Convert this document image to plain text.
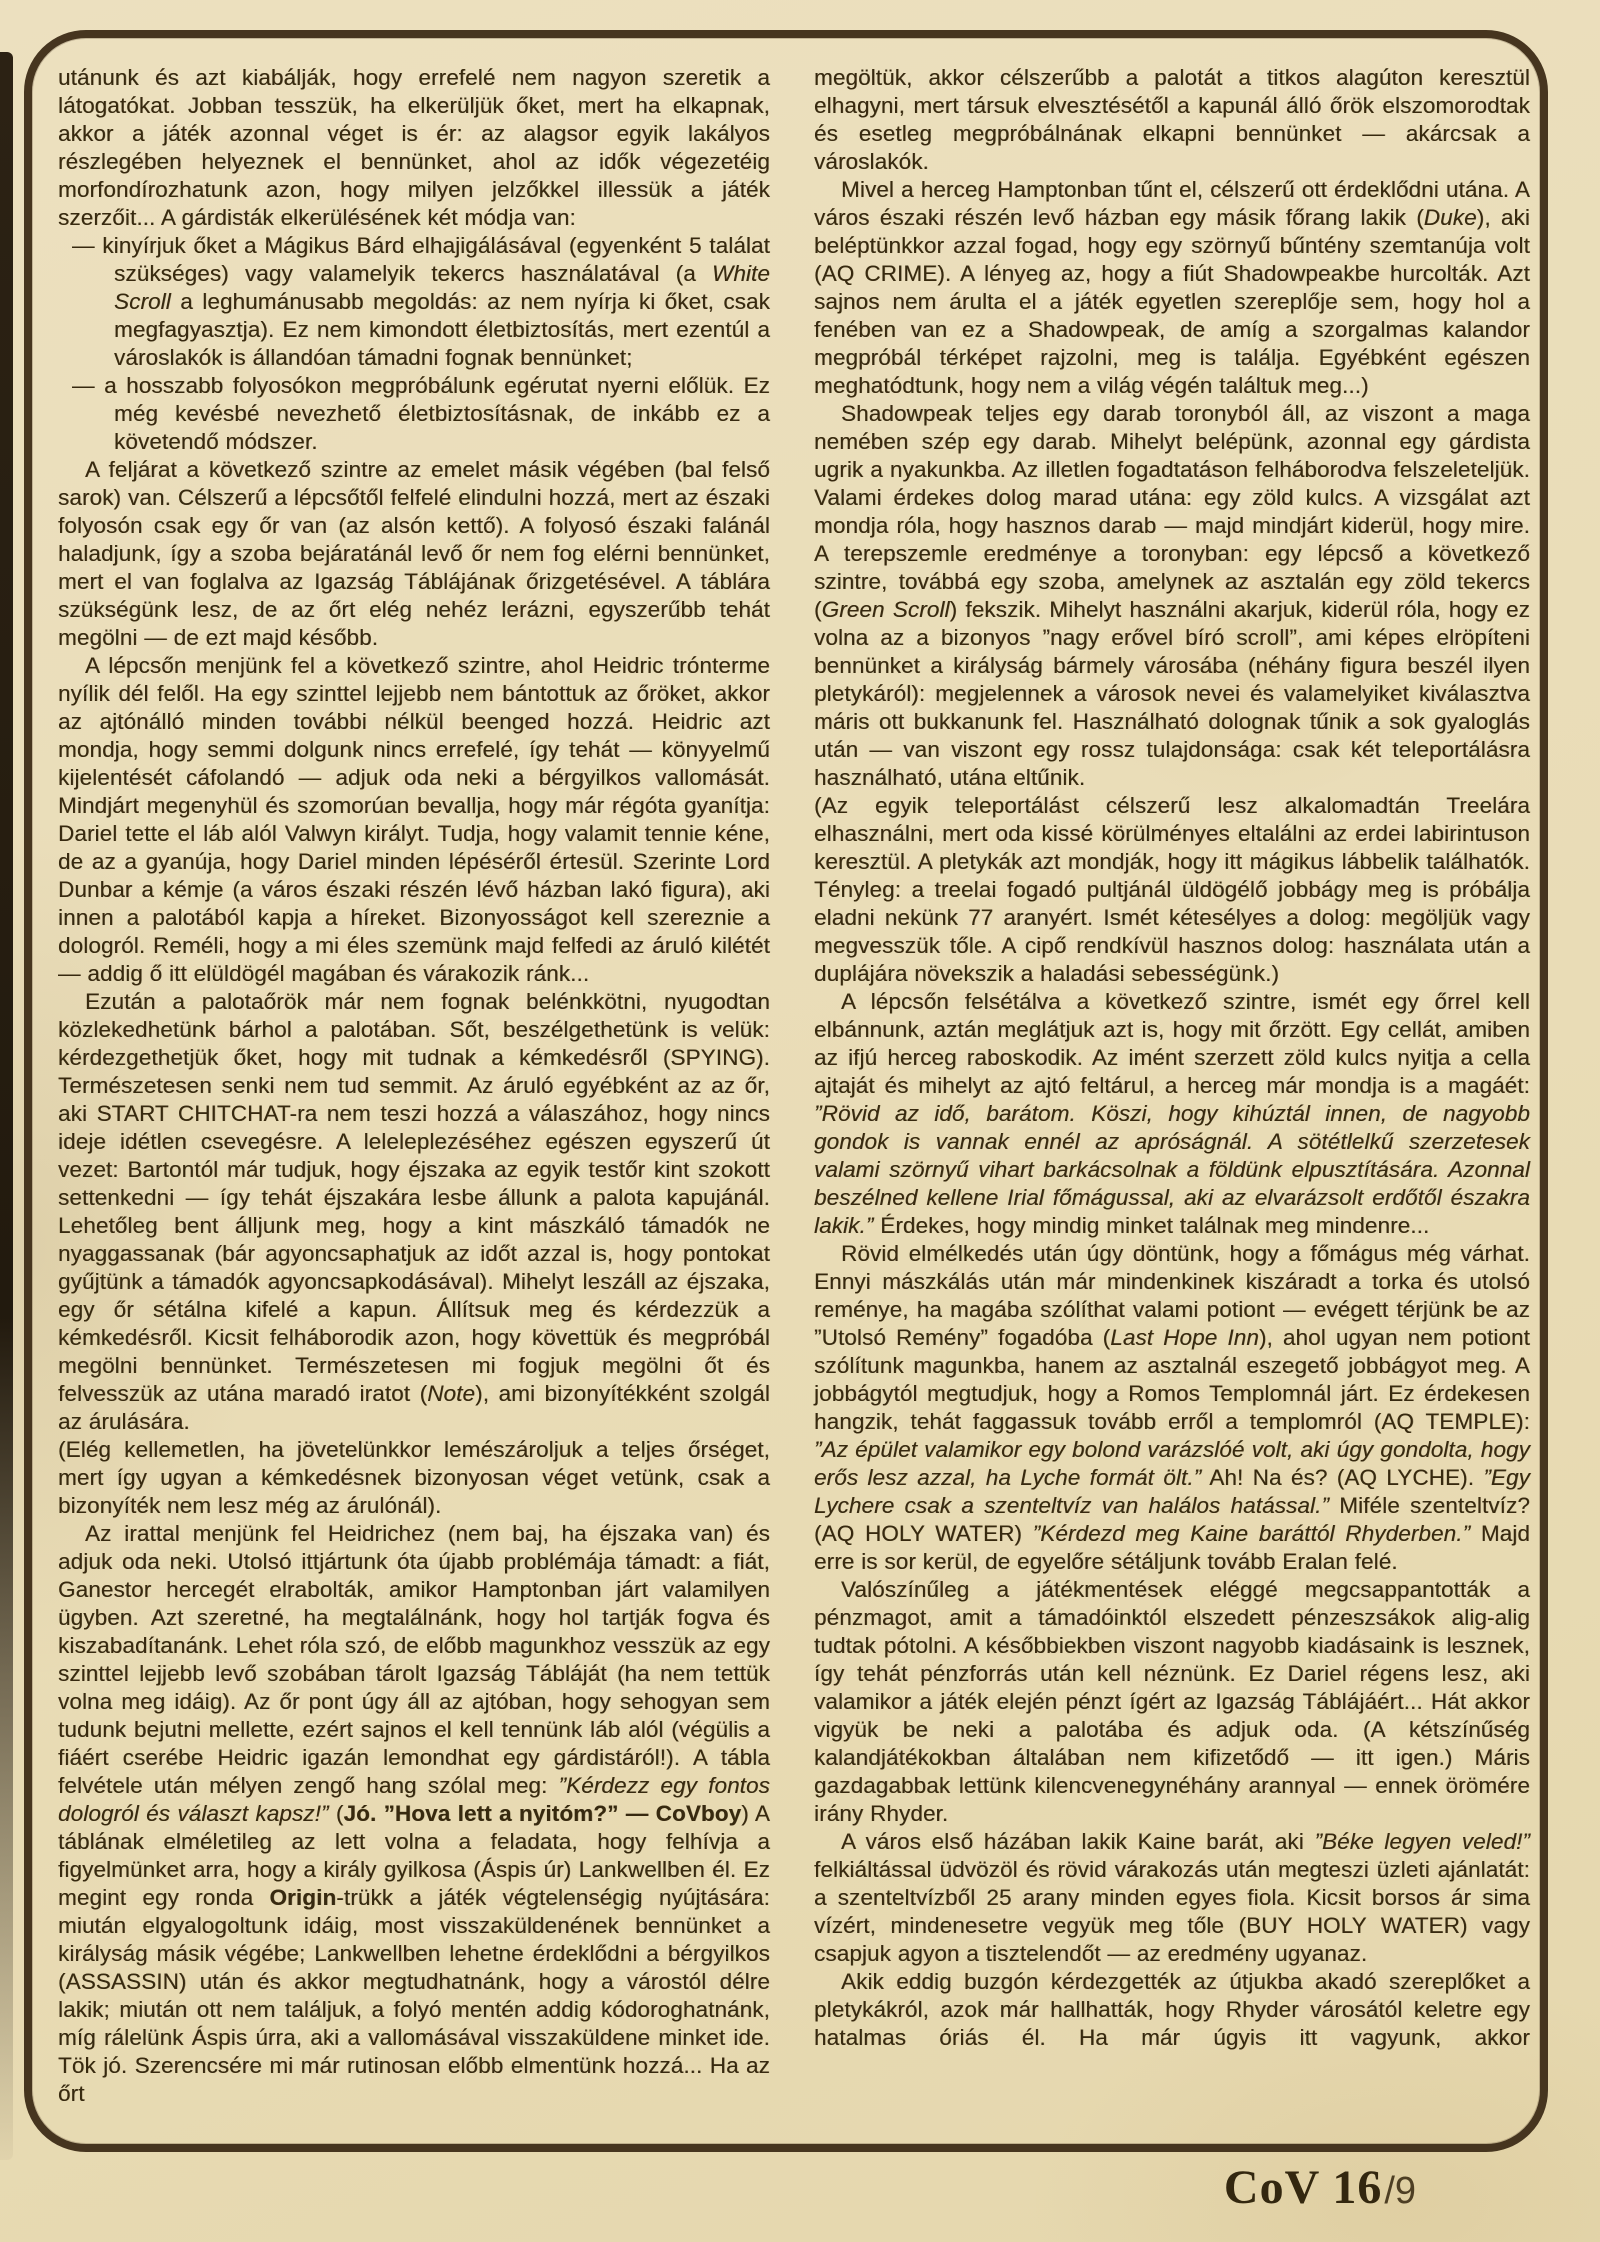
utánunk és azt kiabálják, hogy errefelé nem nagyon szeretik a látogatókat. Jobban tesszük, ha elkerüljük őket, mert ha elkapnak, akkor a játék azonnal véget is ér: az alagsor egyik lakályos részlegében helyeznek el bennünket, ahol az idők végezetéig morfondírozhatunk azon, hogy milyen jelzőkkel illessük a játék szerzőit... A gárdisták elkerülésének két módja van:

— kinyírjuk őket a Mágikus Bárd elhajigálásával (egyenként 5 találat szükséges) vagy valamelyik tekercs használatával (a White Scroll a leghumánusabb megoldás: az nem nyírja ki őket, csak megfagyasztja). Ez nem kimondott életbiztosítás, mert ezentúl a városlakók is állandóan támadni fognak bennünket;

— a hosszabb folyosókon megpróbálunk egérutat nyerni előlük. Ez még kevésbé nevezhető életbiztosításnak, de inkább ez a követendő módszer.

A feljárat a következő szintre az emelet másik végében (bal felső sarok) van. Célszerű a lépcsőtől felfelé elindulni hozzá, mert az északi folyosón csak egy őr van (az alsón kettő). A folyosó északi falánál haladjunk, így a szoba bejáratánál levő őr nem fog elérni bennünket, mert el van foglalva az Igazság Táblájának őrizgetésével. A táblára szükségünk lesz, de az őrt elég nehéz lerázni, egyszerűbb tehát megölni — de ezt majd később.

A lépcsőn menjünk fel a következő szintre, ahol Heidric trónterme nyílik dél felől. Ha egy szinttel lejjebb nem bántottuk az őröket, akkor az ajtónálló minden további nélkül beenged hozzá. Heidric azt mondja, hogy semmi dolgunk nincs errefelé, így tehát — könyyelmű kijelentését cáfolandó — adjuk oda neki a bérgyilkos vallomását. Mindjárt megenyhül és szomorúan bevallja, hogy már régóta gyanítja: Dariel tette el láb alól Valwyn királyt. Tudja, hogy valamit tennie kéne, de az a gyanúja, hogy Dariel minden lépéséről értesül. Szerinte Lord Dunbar a kémje (a város északi részén lévő házban lakó figura), aki innen a palotából kapja a híreket. Bizonyosságot kell szereznie a dologról. Reméli, hogy a mi éles szemünk majd felfedi az áruló kilétét — addig ő itt elüldögél magában és várakozik ránk...

Ezután a palotaőrök már nem fognak belénkkötni, nyugodtan közlekedhetünk bárhol a palotában. Sőt, beszélgethetünk is velük: kérdezgethetjük őket, hogy mit tudnak a kémkedésről (SPYING). Természetesen senki nem tud semmit. Az áruló egyébként az az őr, aki START CHITCHAT-ra nem teszi hozzá a válaszához, hogy nincs ideje idétlen csevegésre. A leleleplezéséhez egészen egyszerű út vezet: Bartontól már tudjuk, hogy éjszaka az egyik testőr kint szokott settenkedni — így tehát éjszakára lesbe állunk a palota kapujánál. Lehetőleg bent álljunk meg, hogy a kint mászkáló támadók ne nyaggassanak (bár agyoncsaphatjuk az időt azzal is, hogy pontokat gyűjtünk a támadók agyoncsapkodásával). Mihelyt leszáll az éjszaka, egy őr sétálna kifelé a kapun. Állítsuk meg és kérdezzük a kémkedésről. Kicsit felháborodik azon, hogy követtük és megpróbál megölni bennünket. Természetesen mi fogjuk megölni őt és felvesszük az utána maradó iratot (Note), ami bizonyítékként szolgál az árulására.

(Elég kellemetlen, ha jövetelünkkor lemészároljuk a teljes őrséget, mert így ugyan a kémkedésnek bizonyosan véget vetünk, csak a bizonyíték nem lesz még az árulónál).

Az irattal menjünk fel Heidrichez (nem baj, ha éjszaka van) és adjuk oda neki. Utolsó ittjártunk óta újabb problémája támadt: a fiát, Ganestor hercegét elrabolták, amikor Hamptonban járt valamilyen ügyben. Azt szeretné, ha megtalálnánk, hogy hol tartják fogva és kiszabadítanánk. Lehet róla szó, de előbb magunkhoz vesszük az egy szinttel lejjebb levő szobában tárolt Igazság Tábláját (ha nem tettük volna meg idáig). Az őr pont úgy áll az ajtóban, hogy sehogyan sem tudunk bejutni mellette, ezért sajnos el kell tennünk láb alól (végülis a fiáért cserébe Heidric igazán lemondhat egy gárdistáról!). A tábla felvétele után mélyen zengő hang szólal meg: ”Kérdezz egy fontos dologról és választ kapsz!” (Jó. ”Hova lett a nyitóm?” — CoVboy) A táblának elméletileg az lett volna a feladata, hogy felhívja a figyelmünket arra, hogy a király gyilkosa (Áspis úr) Lankwellben él. Ez megint egy ronda Origin-trükk a játék végtelenségig nyújtására: miután elgyalogoltunk idáig, most visszaküldenének bennünket a királyság másik végébe; Lankwellben lehetne érdeklődni a bérgyilkos (ASSASSIN) után és akkor megtudhatnánk, hogy a várostól délre lakik; miután ott nem találjuk, a folyó mentén addig kódoroghatnánk, míg rálelünk Áspis úrra, aki a vallomásával visszaküldene minket ide. Tök jó. Szerencsére mi már rutinosan előbb elmentünk hozzá... Ha az őrt

megöltük, akkor célszerűbb a palotát a titkos alagúton keresztül elhagyni, mert társuk elvesztésétől a kapunál álló őrök elszomorodtak és esetleg megpróbálnának elkapni bennünket — akárcsak a városlakók.

Mivel a herceg Hamptonban tűnt el, célszerű ott érdeklődni utána. A város északi részén levő házban egy másik főrang lakik (Duke), aki beléptünkkor azzal fogad, hogy egy szörnyű bűntény szemtanúja volt (AQ CRIME). A lényeg az, hogy a fiút Shadowpeakbe hurcolták. Azt sajnos nem árulta el a játék egyetlen szereplője sem, hogy hol a fenében van ez a Shadowpeak, de amíg a szorgalmas kalandor megpróbál térképet rajzolni, meg is találja. Egyébként egészen meghatódtunk, hogy nem a világ végén találtuk meg...)

Shadowpeak teljes egy darab toronyból áll, az viszont a maga nemében szép egy darab. Mihelyt belépünk, azonnal egy gárdista ugrik a nyakunkba. Az illetlen fogadtatáson felháborodva felszeleteljük. Valami érdekes dolog marad utána: egy zöld kulcs. A vizsgálat azt mondja róla, hogy hasznos darab — majd mindjárt kiderül, hogy mire. A terepszemle eredménye a toronyban: egy lépcső a következő szintre, továbbá egy szoba, amelynek az asztalán egy zöld tekercs (Green Scroll) fekszik. Mihelyt használni akarjuk, kiderül róla, hogy ez volna az a bizonyos ”nagy erővel bíró scroll”, ami képes elröpíteni bennünket a királyság bármely városába (néhány figura beszél ilyen pletykáról): megjelennek a városok nevei és valamelyiket kiválasztva máris ott bukkanunk fel. Használható dolognak tűnik a sok gyaloglás után — van viszont egy rossz tulajdonsága: csak két teleportálásra használható, utána eltűnik.

(Az egyik teleportálást célszerű lesz alkalomadtán Treelára elhasználni, mert oda kissé körülményes eltalálni az erdei labirintuson keresztül. A pletykák azt mondják, hogy itt mágikus lábbelik találhatók. Tényleg: a treelai fogadó pultjánál üldögélő jobbágy meg is próbálja eladni nekünk 77 aranyért. Ismét kétesélyes a dolog: megöljük vagy megvesszük tőle. A cipő rendkívül hasznos dolog: használata után a duplájára növekszik a haladási sebességünk.)

A lépcsőn felsétálva a következő szintre, ismét egy őrrel kell elbánnunk, aztán meglátjuk azt is, hogy mit őrzött. Egy cellát, amiben az ifjú herceg raboskodik. Az imént szerzett zöld kulcs nyitja a cella ajtaját és mihelyt az ajtó feltárul, a herceg már mondja is a magáét: ”Rövid az idő, barátom. Köszi, hogy kihúztál innen, de nagyobb gondok is vannak ennél az apróságnál. A sötétlelkű szerzetesek valami szörnyű vihart barkácsolnak a földünk elpusztítására. Azonnal beszélned kellene Irial főmágussal, aki az elvarázsolt erdőtől északra lakik.” Érdekes, hogy mindig minket találnak meg mindenre...

Rövid elmélkedés után úgy döntünk, hogy a főmágus még várhat. Ennyi mászkálás után már mindenkinek kiszáradt a torka és utolsó reménye, ha magába szólíthat valami potiont — evégett térjünk be az ”Utolsó Remény” fogadóba (Last Hope Inn), ahol ugyan nem potiont szólítunk magunkba, hanem az asztalnál eszegető jobbágyot meg. A jobbágytól megtudjuk, hogy a Romos Templomnál járt. Ez érdekesen hangzik, tehát faggassuk tovább erről a templomról (AQ TEMPLE): ”Az épület valamikor egy bolond varázslóé volt, aki úgy gondolta, hogy erős lesz azzal, ha Lyche formát ölt.” Ah! Na és? (AQ LYCHE). ”Egy Lychere csak a szenteltvíz van halálos hatással.” Miféle szenteltvíz? (AQ HOLY WATER) ”Kérdezd meg Kaine baráttól Rhyderben.” Majd erre is sor kerül, de egyelőre sétáljunk tovább Eralan felé.

Valószínűleg a játékmentések eléggé megcsappantották a pénzmagot, amit a támadóinktól elszedett pénzeszsákok alig-alig tudtak pótolni. A későbbiekben viszont nagyobb kiadásaink is lesznek, így tehát pénzforrás után kell néznünk. Ez Dariel régens lesz, aki valamikor a játék elején pénzt ígért az Igazság Táblájáért... Hát akkor vigyük be neki a palotába és adjuk oda. (A kétszínűség kalandjátékokban általában nem kifizetődő — itt igen.) Máris gazdagabbak lettünk kilencvenegynéhány arannyal — ennek örömére irány Rhyder.

A város első házában lakik Kaine barát, aki ”Béke legyen veled!” felkiáltással üdvözöl és rövid várakozás után megteszi üzleti ajánlatát: a szenteltvízből 25 arany minden egyes fiola. Kicsit borsos ár sima vízért, mindenesetre vegyük meg tőle (BUY HOLY WATER) vagy csapjuk agyon a tisztelendőt — az eredmény ugyanaz.

Akik eddig buzgón kérdezgették az útjukba akadó szereplőket a pletykákról, azok már hallhatták, hogy Rhyder városától keletre egy hatalmas óriás él. Ha már úgyis itt vagyunk, akkor

CoV 16/9
